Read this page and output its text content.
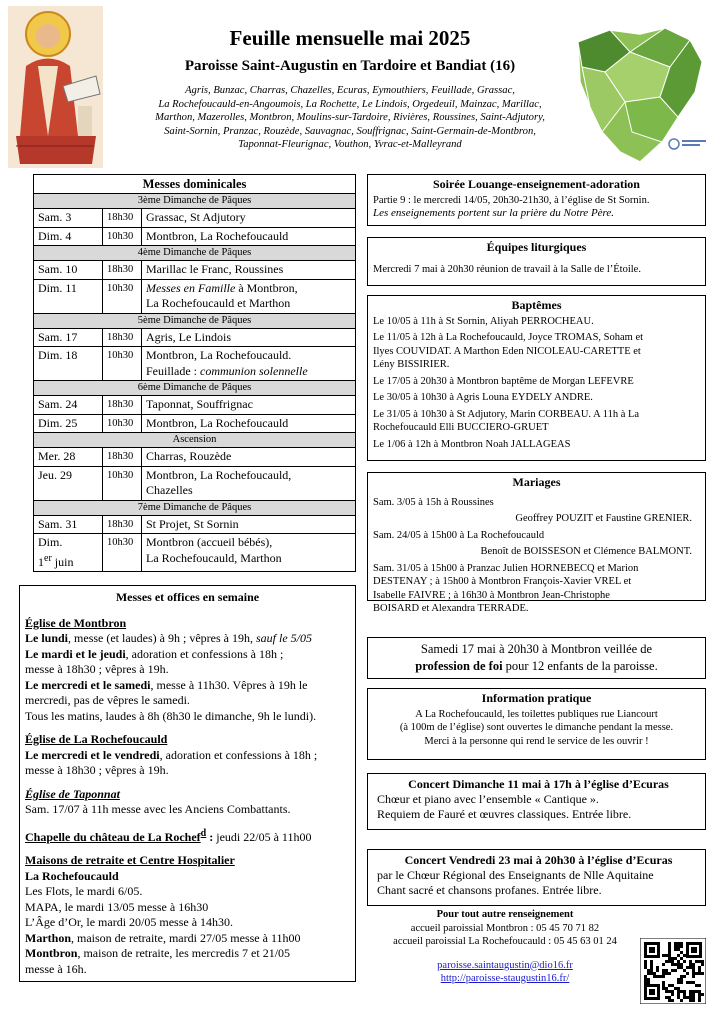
Feuille mensuelle mai 2025
Paroisse Saint-Augustin en Tardoire et Bandiat (16)
Agris, Bunzac, Charras, Chazelles, Ecuras, Eymouthiers, Feuillade, Grassac,
La Rochefoucauld-en-Angoumois, La Rochette, Le Lindois, Orgedeuil, Mainzac, Marillac,
Marthon, Mazerolles, Montbron, Moulins-sur-Tardoire, Rivières, Roussines, Saint-Adjutory,
Saint-Sornin, Pranzac, Rouzède, Sauvagnac, Souffrignac, Saint-Germain-de-Montbron,
Taponnat-Fleurignac, Vouthon, Yvrac-et-Malleyrand
Messes dominicales		
3ème Dimanche de Pâques		
Sam. 3	18h30	Grassac, St Adjutory
Dim. 4	10h30	Montbron, La Rochefoucauld
4ème Dimanche de Pâques		
Sam. 10	18h30	Marillac le Franc, Roussines
Dim. 11	10h30	Messes en Famille à Montbron,
La Rochefoucauld et Marthon
5ème Dimanche de Pâques		
Sam. 17	18h30	Agris, Le Lindois
Dim. 18	10h30	Montbron, La Rochefoucauld.
Feuillade : communion solennelle
6ème Dimanche de Pâques		
Sam. 24	18h30	Taponnat, Souffrignac
Dim. 25	10h30	Montbron, La Rochefoucauld
Ascension		
Mer. 28	18h30	Charras, Rouzède
Jeu. 29	10h30	Montbron, La Rochefoucauld,
Chazelles
7ème Dimanche de Pâques		
Sam. 31	18h30	St Projet, St Sornin
Dim.
1er juin	10h30	Montbron (accueil bébés),
La Rochefoucauld, Marthon
Messes et offices en semaine
Église de Montbron
Le lundi, messe (et laudes) à 9h ; vêpres à 19h, sauf le 5/05
Le mardi et le jeudi, adoration et confessions à 18h ;
messe à 18h30 ; vêpres à 19h.
Le mercredi et le samedi, messe à 11h30. Vêpres à 19h le
mercredi, pas de vêpres le samedi.
Tous les matins, laudes à 8h (8h30 le dimanche, 9h le lundi).
Église de La Rochefoucauld
Le mercredi et le vendredi, adoration et confessions à 18h ;
messe à 18h30 ; vêpres à 19h.
Église de Taponnat
Sam. 17/07 à 11h messe avec les Anciens Combattants.
Chapelle du château de La Rochef$^d$ : jeudi 22/05 à 11h00
Maisons de retraite et Centre Hospitalier
La Rochefoucauld
Les Flots, le mardi 6/05.
MAPA, le mardi 13/05 messe à 16h30
L’Âge d’Or, le mardi 20/05 messe à 14h30.
Marthon, maison de retraite, mardi 27/05 messe à 11h00
Montbron, maison de retraite, les mercredis 7 et 21/05
messe à 16h.
Soirée Louange-enseignement-adoration
Partie 9 : le mercredi 14/05, 20h30-21h30, à l’église de St Sornin.
Les enseignements portent sur la prière du Notre Père.
Équipes liturgiques
Mercredi 7 mai à 20h30 réunion de travail à la Salle de l’Étoile.
Baptêmes
Le 10/05 à 11h à St Sornin, Aliyah PERROCHEAU.
Le 11/05 à 12h à La Rochefoucauld, Joyce TROMAS, Soham et
Ilyes COUVIDAT. A Marthon Eden NICOLEAU-CARETTE et
Lény BISSIRIER.
Le 17/05 à 20h30 à Montbron baptême de Morgan LEFEVRE
Le 30/05 à 10h30 à Agris Louna EYDELY ANDRE.
Le 31/05 à 10h30 à St Adjutory, Marin CORBEAU. A 11h à La
Rochefoucauld Elli BUCCIERO-GRUET
Le 1/06 à 12h à Montbron Noah JALLAGEAS
Mariages
Sam. 3/05 à 15h à Roussines
Geoffrey POUZIT et Faustine GRENIER.
Sam. 24/05 à 15h00 à La Rochefoucauld
Benoît de BOISSESON et Clémence BALMONT.
Sam. 31/05 à 15h00 à Pranzac Julien HORNEBECQ et Marion
DESTENAY ; à 15h00 à Montbron François-Xavier VREL et
Isabelle FAIVRE ; à 16h30 à Montbron Jean-Christophe
BOISARD et Alexandra TERRADE.
Samedi 17 mai à 20h30 à Montbron veillée de
profession de foi pour 12 enfants de la paroisse.
Information pratique
A La Rochefoucauld, les toilettes publiques rue Liancourt
(à 100m de l’église) sont ouvertes le dimanche pendant la messe.
Merci à la personne qui rend le service de les ouvrir !
Concert Dimanche 11 mai à 17h à l’église d’Ecuras
Chœur et piano avec l’ensemble « Cantique ».
Requiem de Fauré et œuvres classiques. Entrée libre.
Concert Vendredi 23 mai à 20h30 à l’église d’Ecuras
par le Chœur Régional des Enseignants de Nlle Aquitaine
Chant sacré et chansons profanes. Entrée libre.
Pour tout autre renseignement
accueil paroissial Montbron : 05 45 70 71 82
accueil paroissial La Rochefoucauld : 05 45 63 01 24
paroisse.saintaugustin@dio16.fr
http://paroisse-staugustin16.fr/
